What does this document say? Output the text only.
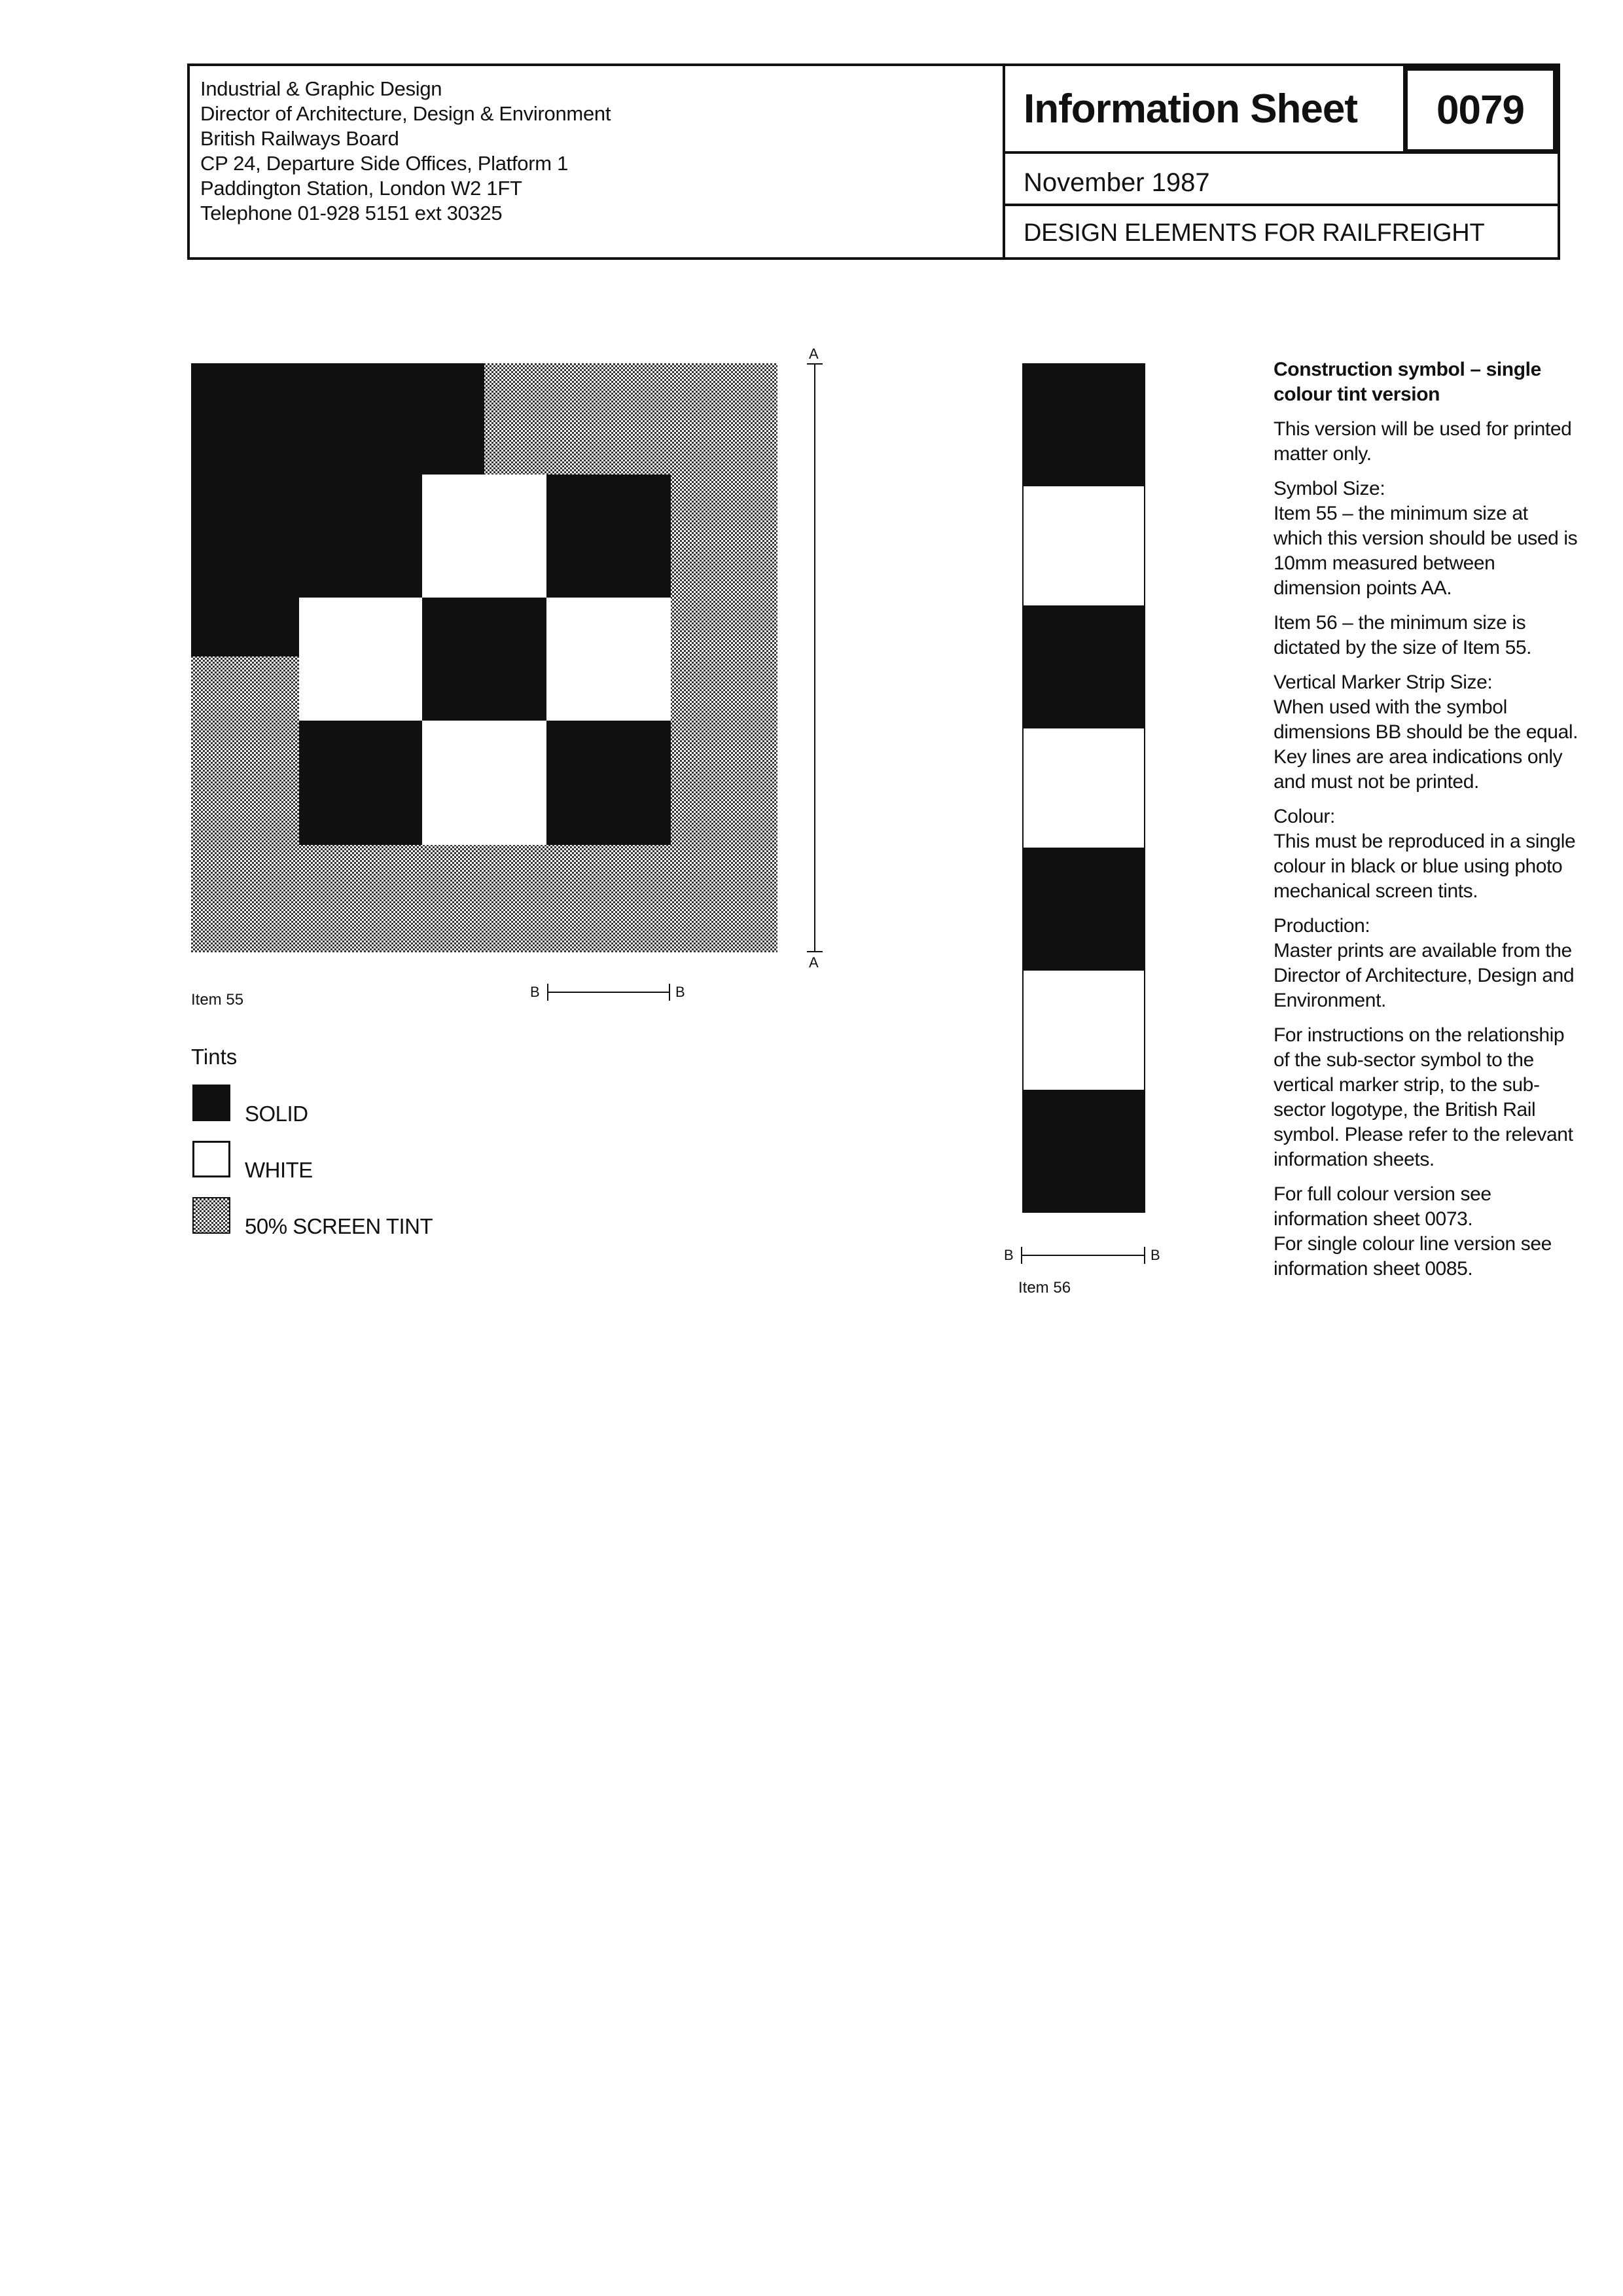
Industrial & Graphic Design
Director of Architecture, Design & Environment
British Railways Board
CP 24, Departure Side Offices, Platform 1
Paddington Station, London W2 1FT
Telephone 01-928 5151 ext 30325
Information Sheet	0079
November 1987
DESIGN ELEMENTS FOR RAILFREIGHT
A
A
Item 55	B	B
Tints
SOLID
WHITE
50% SCREEN TINT
B	B
Item 56

Construction symbol – single colour tint version

This version will be used for printed matter only.

Symbol Size:
Item 55 – the minimum size at which this version should be used is 10mm measured between dimension points AA.

Item 56 – the minimum size is dictated by the size of Item 55.

Vertical Marker Strip Size:
When used with the symbol dimensions BB should be the equal. Key lines are area indications only and must not be printed.

Colour:
This must be reproduced in a single colour in black or blue using photo mechanical screen tints.

Production:
Master prints are available from the Director of Architecture, Design and Environment.

For instructions on the relationship of the sub-sector symbol to the vertical marker strip, to the sub-sector logotype, the British Rail symbol. Please refer to the relevant information sheets.

For full colour version see information sheet 0073.
For single colour line version see information sheet 0085.
